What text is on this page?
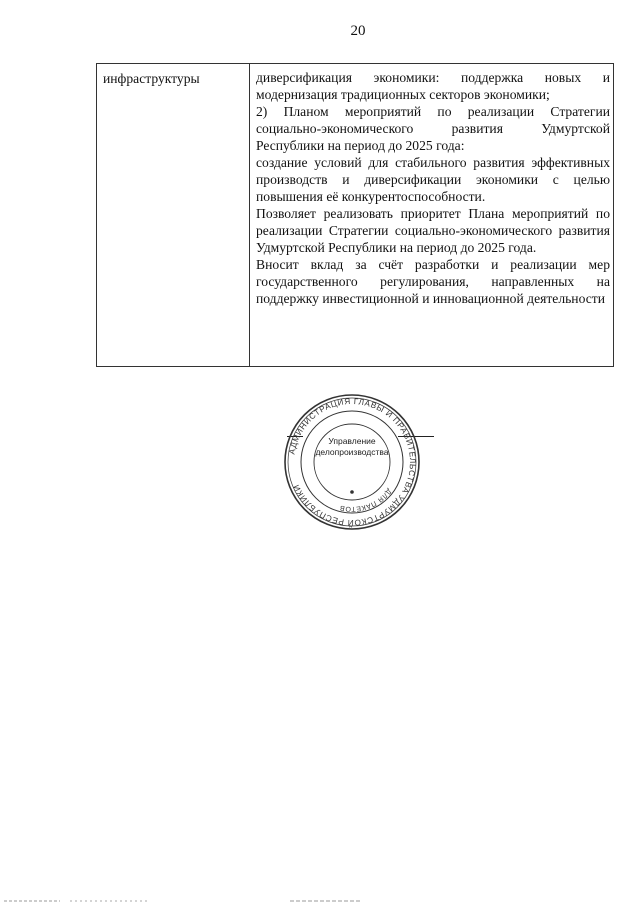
20
инфраструктуры	диверсификация экономики: поддержка новых и модернизация традиционных секторов экономики;

2) Планом мероприятий по реализации Стратегии социально-экономического развития Удмуртской Республики на период до 2025 года:

создание условий для стабильного развития эффективных производств и диверсификации экономики с целью повышения её конкурентоспособности.

Позволяет реализовать приоритет Плана мероприятий по реализации Стратегии социально-экономического развития Удмуртской Республики на период до 2025 года.

Вносит вклад за счёт разработки и реализации мер государственного регулирования, направленных на поддержку инвестиционной и инновационной деятельности

АДМИНИСТРАЦИЯ ГЛАВЫ И ПРАВИТЕЛЬСТВА УДМУРТСКОЙ РЕСПУБЛИКИ	ДЛЯ ПАКЕТОВ
Управление
делопроизводства
